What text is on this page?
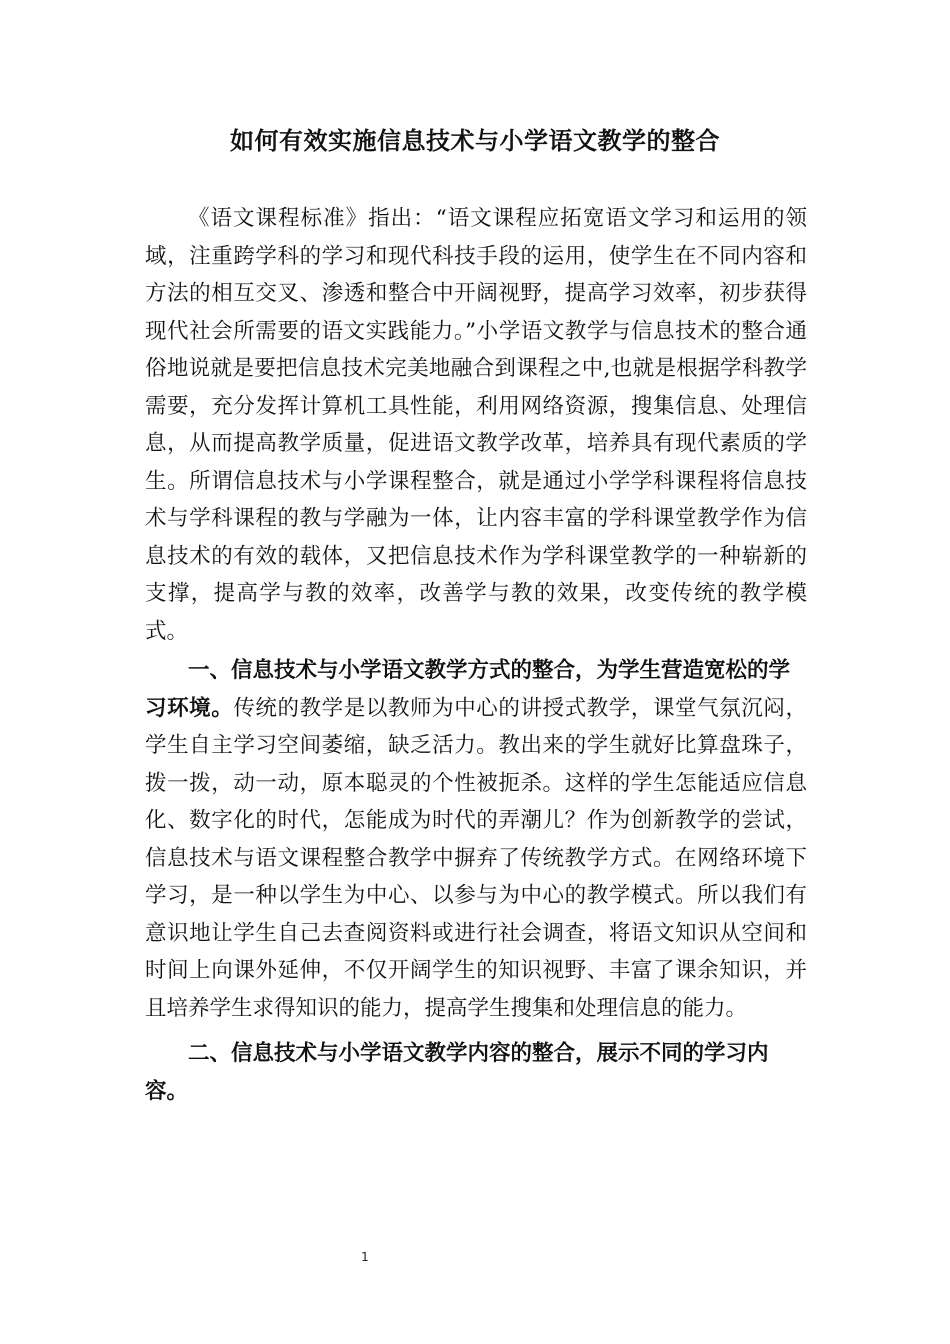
如何有效实施信息技术与小学语文教学的整合

《语文课程标准》指出：“语文课程应拓宽语文学习和运用的领域，注重跨学科的学习和现代科技手段的运用，使学生在不同内容和方法的相互交叉、渗透和整合中开阔视野，提高学习效率，初步获得现代社会所需要的语文实践能力。”小学语文教学与信息技术的整合通俗地说就是要把信息技术完美地融合到课程之中,也就是根据学科教学需要，充分发挥计算机工具性能，利用网络资源，搜集信息、处理信息，从而提高教学质量，促进语文教学改革，培养具有现代素质的学生。所谓信息技术与小学课程整合，就是通过小学学科课程将信息技术与学科课程的教与学融为一体，让内容丰富的学科课堂教学作为信息技术的有效的载体，又把信息技术作为学科课堂教学的一种崭新的支撑，提高学与教的效率，改善学与教的效果，改变传统的教学模式。

一、信息技术与小学语文教学方式的整合，为学生营造宽松的学

习环境。传统的教学是以教师为中心的讲授式教学，课堂气氛沉闷，学生自主学习空间萎缩，缺乏活力。教出来的学生就好比算盘珠子，拨一拨，动一动，原本聪灵的个性被扼杀。这样的学生怎能适应信息化、数字化的时代，怎能成为时代的弄潮儿？作为创新教学的尝试，信息技术与语文课程整合教学中摒弃了传统教学方式。在网络环境下学习，是一种以学生为中心、以参与为中心的教学模式。所以我们有意识地让学生自己去查阅资料或进行社会调查，将语文知识从空间和时间上向课外延伸，不仅开阔学生的知识视野、丰富了课余知识，并且培养学生求得知识的能力，提高学生搜集和处理信息的能力。

二、信息技术与小学语文教学内容的整合，展示不同的学习内容。

1
